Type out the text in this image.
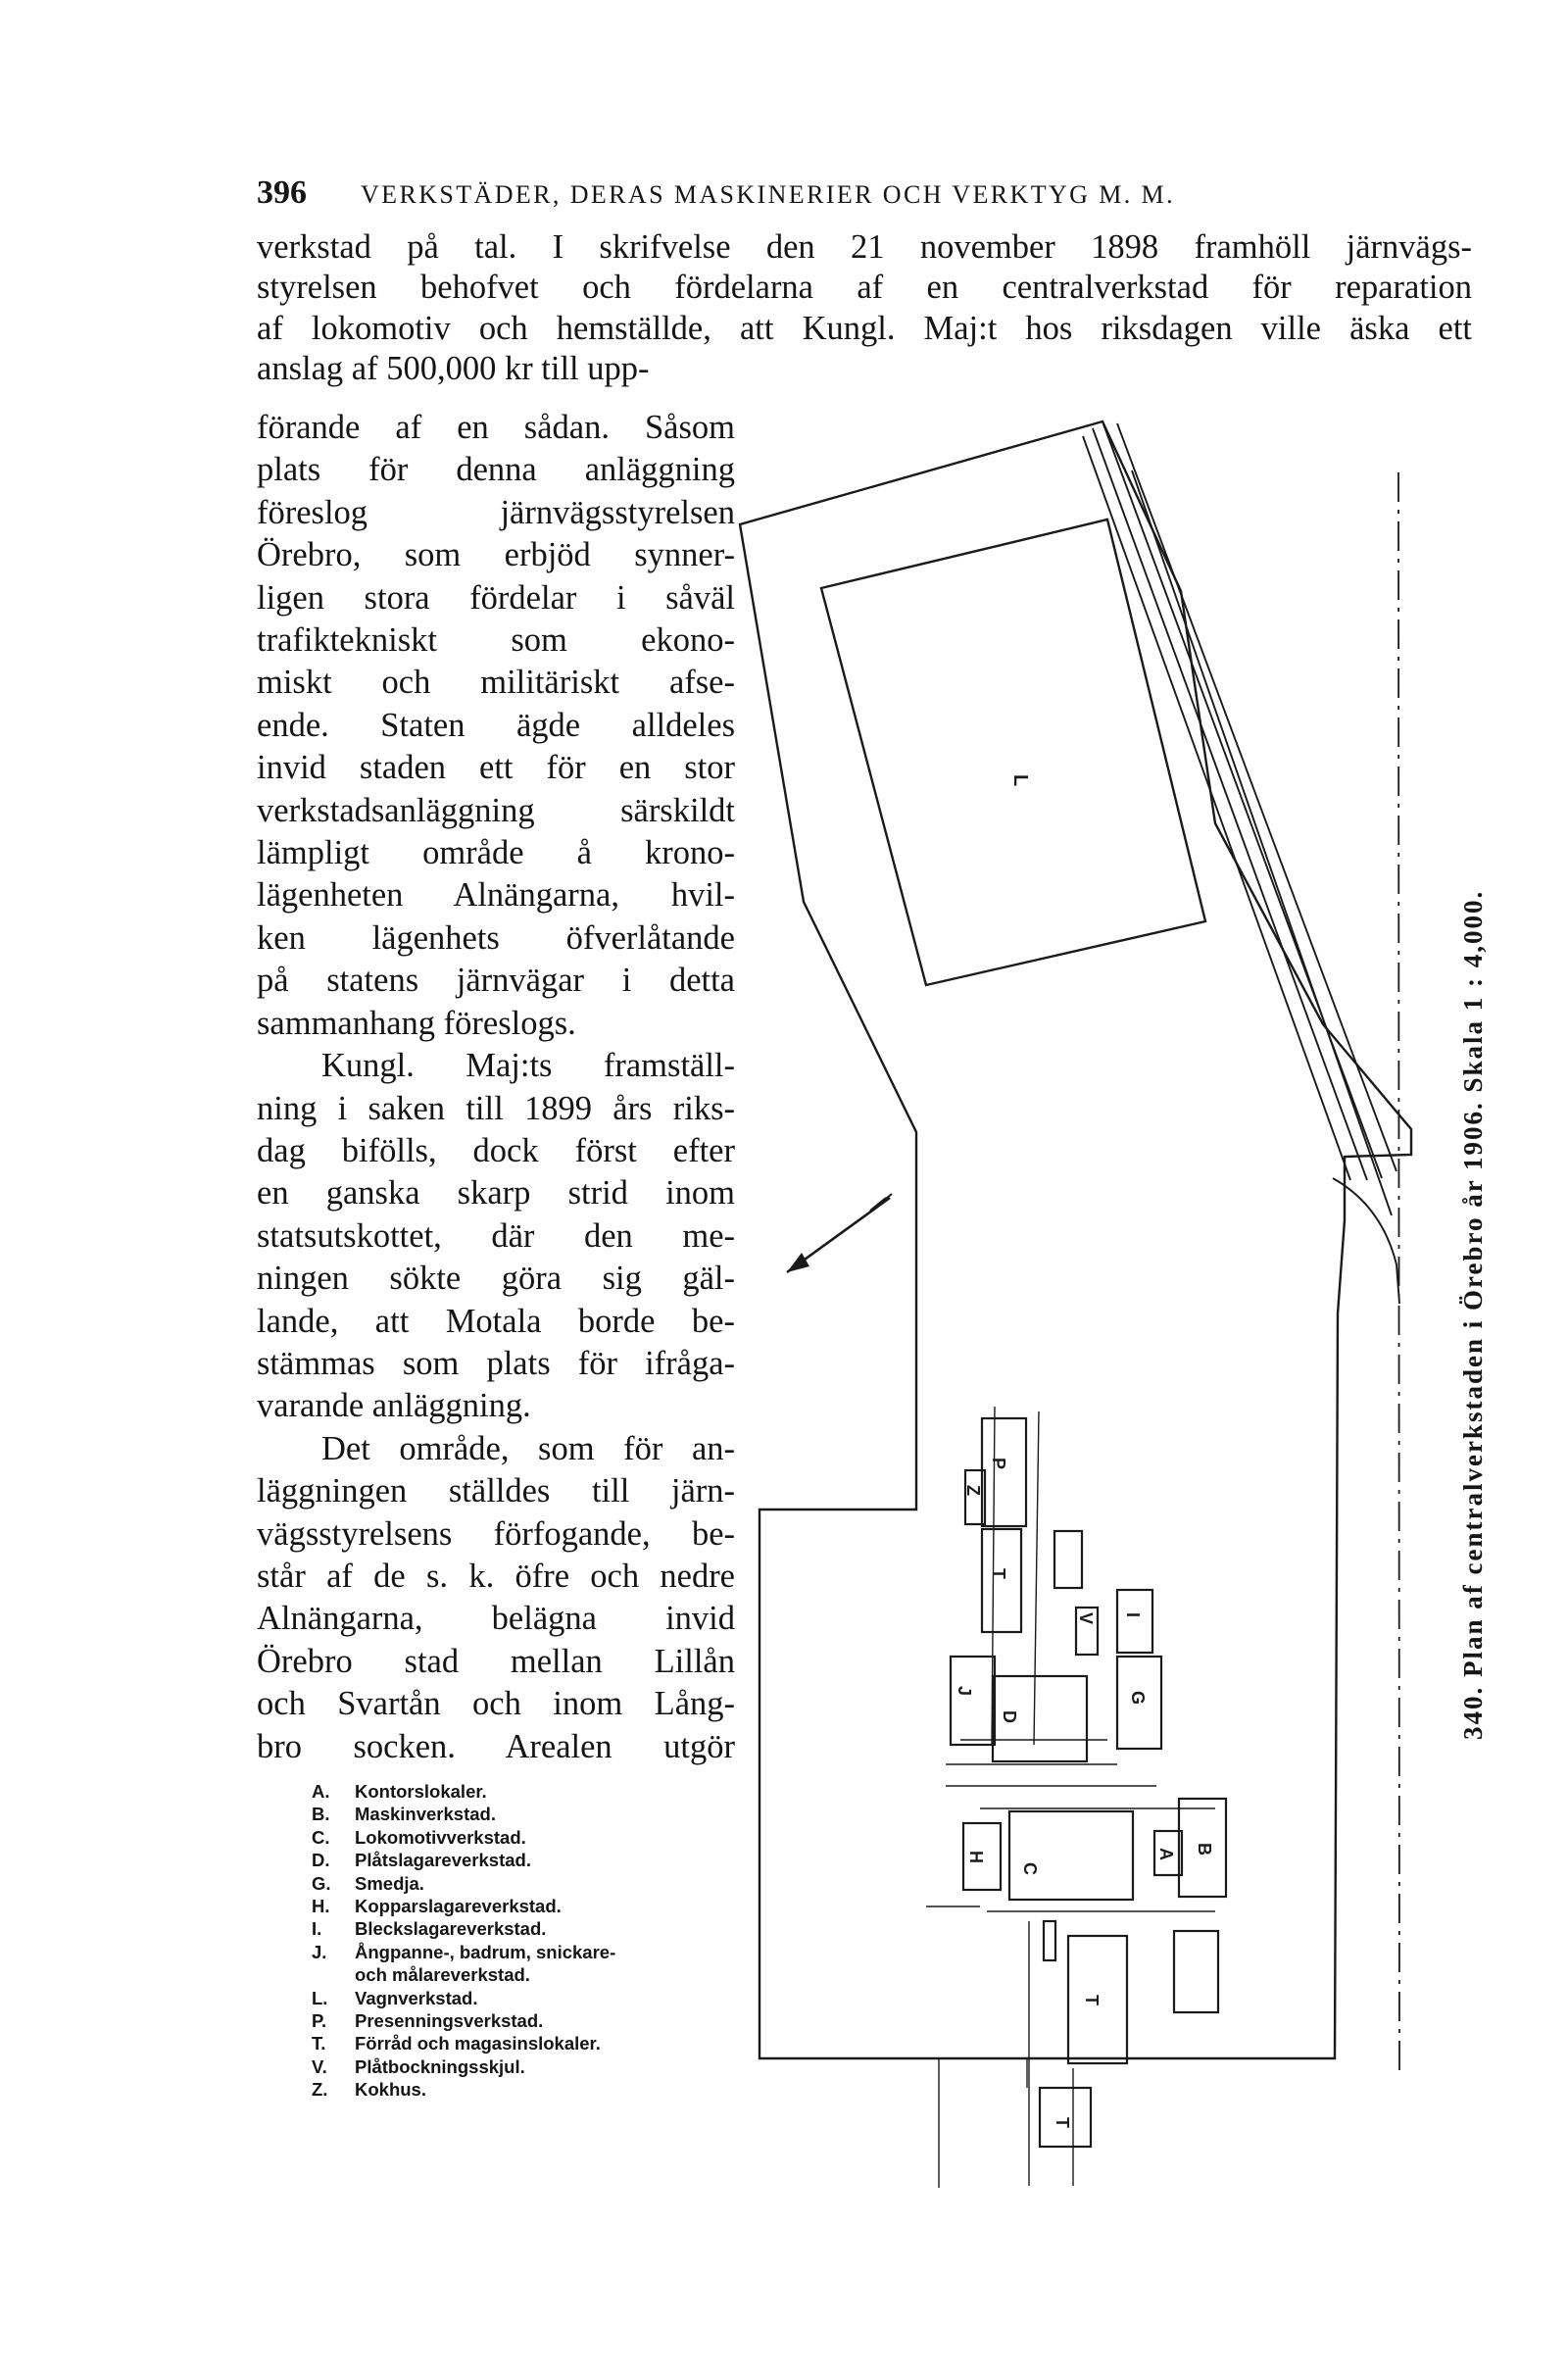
396 VERKSTÄDER, DERAS MASKINERIER OCH VERKTYG M. M.
verkstad på tal. I skrifvelse den 21 november 1898 framhöll järnvägs-
styrelsen behofvet och fördelarna af en centralverkstad för reparation
af lokomotiv och hemställde, att Kungl. Maj:t hos riksdagen ville äska ett
anslag af 500,000 kr till upp-
förande af en sådan. Såsom
plats för denna anläggning
föreslog järnvägsstyrelsen
Örebro, som erbjöd synner-
ligen stora fördelar i såväl
trafiktekniskt som ekono-
miskt och militäriskt afse-
ende. Staten ägde alldeles
invid staden ett för en stor
verkstadsanläggning särskildt
lämpligt område å krono-
lägenheten Alnängarna, hvil-
ken lägenhets öfverlåtande
på statens järnvägar i detta
sammanhang föreslogs.
Kungl. Maj:ts framställ-
ning i saken till 1899 års riks-
dag bifölls, dock först efter
en ganska skarp strid inom
statsutskottet, där den me-
ningen sökte göra sig gäl-
lande, att Motala borde be-
stämmas som plats för ifråga-
varande anläggning.
Det område, som för an-
läggningen ställdes till järn-
vägsstyrelsens förfogande, be-
står af de s. k. öfre och nedre
Alnängarna, belägna invid
Örebro stad mellan Lillån
och Svartån och inom Lång-
bro socken. Arealen utgör
L
P
Z
T
V I
J
D
G
H
C
A B
T
T
340. Plan af centralverkstaden i Örebro år 1906. Skala 1 : 4,000.
A.	Kontorslokaler.
B.	Maskinverkstad.
C.	Lokomotivverkstad.
D.	Plåtslagareverkstad.
G.	Smedja.
H.	Kopparslagareverkstad.
I.	Bleckslagareverkstad.
J.	Ångpanne-, badrum, snickare-
och målareverkstad.
L.	Vagnverkstad.
P.	Presenningsverkstad.
T.	Förråd och magasinslokaler.
V.	Plåtbockningsskjul.
Z.	Kokhus.
